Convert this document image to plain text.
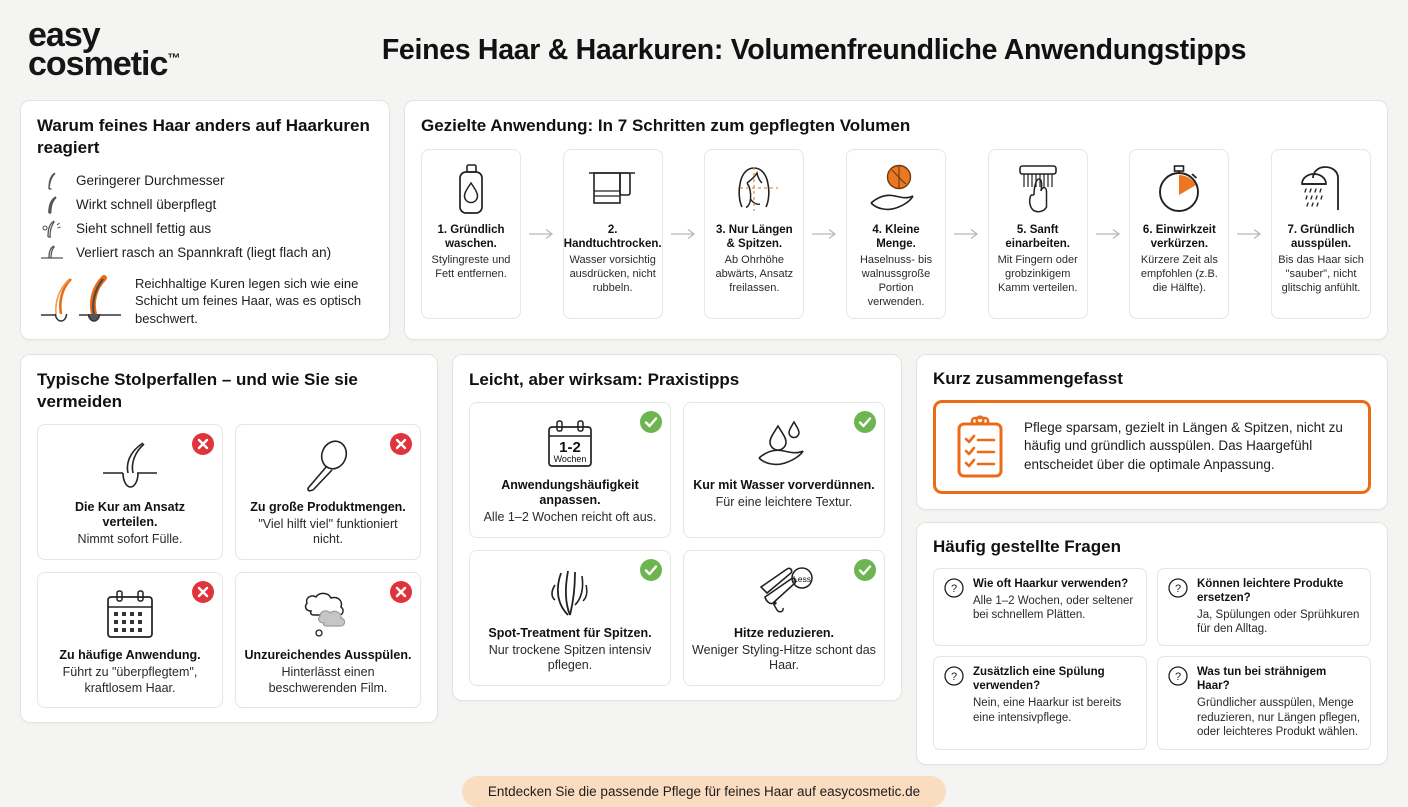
easy
cosmetic™	Feines Haar & Haarkuren: Volumenfreundliche Anwendungstipps
Warum feines Haar anders auf Haarkuren reagiert
Geringerer Durchmesser
Wirkt schnell überpflegt
Sieht schnell fettig aus
Verliert rasch an Spannkraft (liegt flach an)
Reichhaltige Kuren legen sich wie eine Schicht um feines Haar, was es optisch beschwert.
Gezielte Anwendung: In 7 Schritten zum gepflegten Volumen
1. Gründlich waschen.
Stylingreste und Fett entfernen.
2. Handtuchtrocken.
Wasser vorsichtig ausdrücken, nicht rubbeln.
3. Nur Längen & Spitzen.
Ab Ohrhöhe abwärts, Ansatz freilassen.
4. Kleine Menge.
Haselnuss- bis walnussgroße Portion verwenden.
5. Sanft einarbeiten.
Mit Fingern oder grobzinkigem Kamm verteilen.
6. Einwirkzeit verkürzen.
Kürzere Zeit als empfohlen (z.B. die Hälfte).
7. Gründlich ausspülen.
Bis das Haar sich "sauber", nicht glitschig anfühlt.
Typische Stolperfallen – und wie Sie sie vermeiden
Die Kur am Ansatz verteilen.
Nimmt sofort Fülle.
Zu große Produktmengen.
"Viel hilft viel" funktioniert nicht.
Zu häufige Anwendung.
Führt zu "überpflegtem", kraftlosem Haar.
Unzureichendes Ausspülen.
Hinterlässt einen beschwerenden Film.
Leicht, aber wirksam: Praxistipps
1-2
Wochen
Anwendungshäufigkeit anpassen.
Alle 1–2 Wochen reicht oft aus.
Kur mit Wasser vorverdünnen.
Für eine leichtere Textur.
Spot-Treatment für Spitzen.
Nur trockene Spitzen intensiv pflegen.
Less
Hitze reduzieren.
Weniger Styling-Hitze schont das Haar.
Kurz zusammengefasst
Pflege sparsam, gezielt in Längen & Spitzen, nicht zu häufig und gründlich ausspülen. Das Haargefühl entscheidet über die optimale Anpassung.
Häufig gestellte Fragen
? Wie oft Haarkur verwenden?
Alle 1–2 Wochen, oder seltener bei schnellem Plätten.
? Können leichtere Produkte ersetzen?
Ja, Spülungen oder Sprühkuren für den Alltag.
? Zusätzlich eine Spülung verwenden?
Nein, eine Haarkur ist bereits eine intensivpflege.
? Was tun bei strähnigem Haar?
Gründlicher ausspülen, Menge reduzieren, nur Längen pflegen, oder leichteres Produkt wählen.
Entdecken Sie die passende Pflege für feines Haar auf easycosmetic.de
